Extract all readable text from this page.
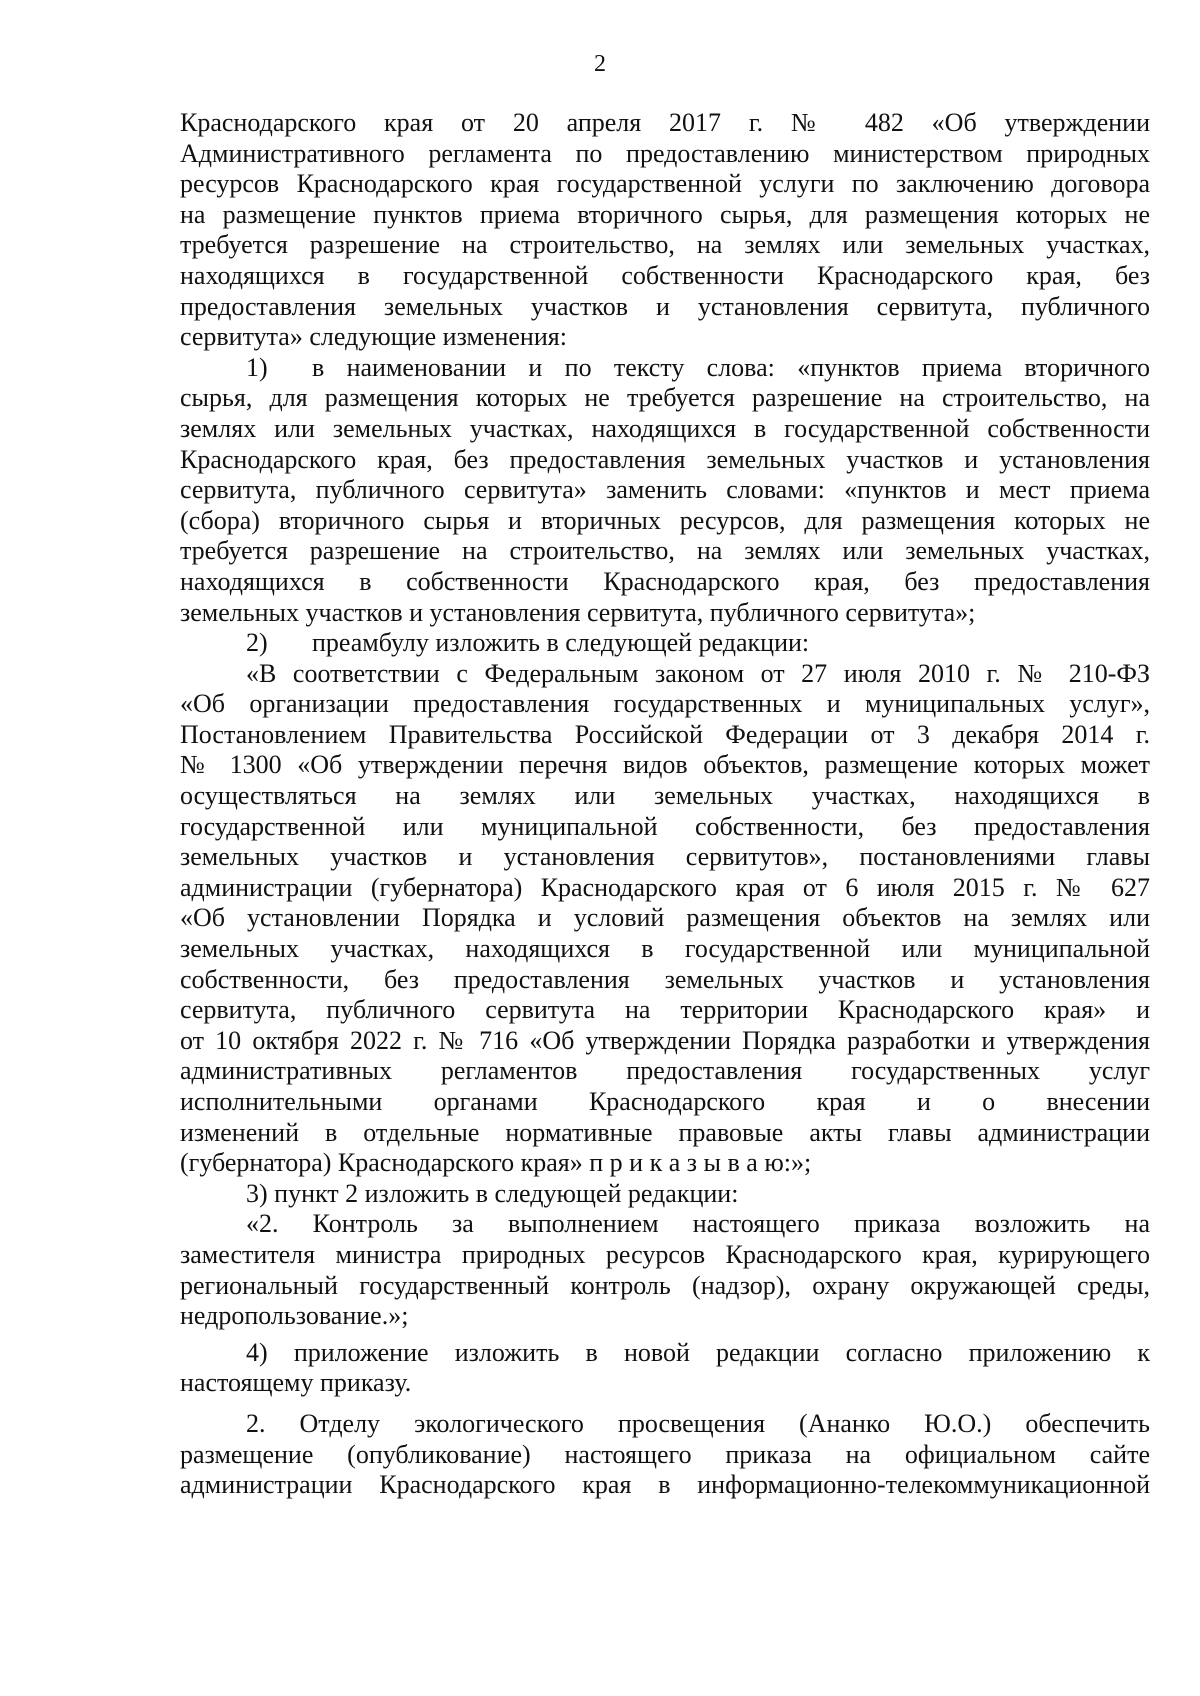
2
Краснодарского края от 20 апреля 2017 г. № 482 «Об утверждении
Административного регламента по предоставлению министерством природных
ресурсов Краснодарского края государственной услуги по заключению договора
на размещение пунктов приема вторичного сырья, для размещения которых не
требуется разрешение на строительство, на землях или земельных участках,
находящихся в государственной собственности Краснодарского края, без
предоставления земельных участков и установления сервитута, публичного
сервитута» следующие изменения:
1) в наименовании и по тексту слова: «пунктов приема вторичного
сырья, для размещения которых не требуется разрешение на строительство, на
землях или земельных участках, находящихся в государственной собственности
Краснодарского края, без предоставления земельных участков и установления
сервитута, публичного сервитута» заменить словами: «пунктов и мест приема
(сбора) вторичного сырья и вторичных ресурсов, для размещения которых не
требуется разрешение на строительство, на землях или земельных участках,
находящихся в собственности Краснодарского края, без предоставления
земельных участков и установления сервитута, публичного сервитута»;
2) преамбулу изложить в следующей редакции:
«В соответствии с Федеральным законом от 27 июля 2010 г. № 210-ФЗ
«Об организации предоставления государственных и муниципальных услуг»,
Постановлением Правительства Российской Федерации от 3 декабря 2014 г.
№ 1300 «Об утверждении перечня видов объектов, размещение которых может
осуществляться на землях или земельных участках, находящихся в
государственной или муниципальной собственности, без предоставления
земельных участков и установления сервитутов», постановлениями главы
администрации (губернатора) Краснодарского края от 6 июля 2015 г. № 627
«Об установлении Порядка и условий размещения объектов на землях или
земельных участках, находящихся в государственной или муниципальной
собственности, без предоставления земельных участков и установления
сервитута, публичного сервитута на территории Краснодарского края» и
от 10 октября 2022 г. № 716 «Об утверждении Порядка разработки и утверждения
административных регламентов предоставления государственных услуг
исполнительными органами Краснодарского края и о внесении
изменений в отдельные нормативные правовые акты главы администрации
(губернатора) Краснодарского края» п р и к а з ы в а ю:»;
3) пункт 2 изложить в следующей редакции:
«2. Контроль за выполнением настоящего приказа возложить на
заместителя министра природных ресурсов Краснодарского края, курирующего
региональный государственный контроль (надзор), охрану окружающей среды,
недропользование.»;
4) приложение изложить в новой редакции согласно приложению к
настоящему приказу.
2. Отделу экологического просвещения (Ананко Ю.О.) обеспечить
размещение (опубликование) настоящего приказа на официальном сайте
администрации Краснодарского края в информационно-телекоммуникационной
